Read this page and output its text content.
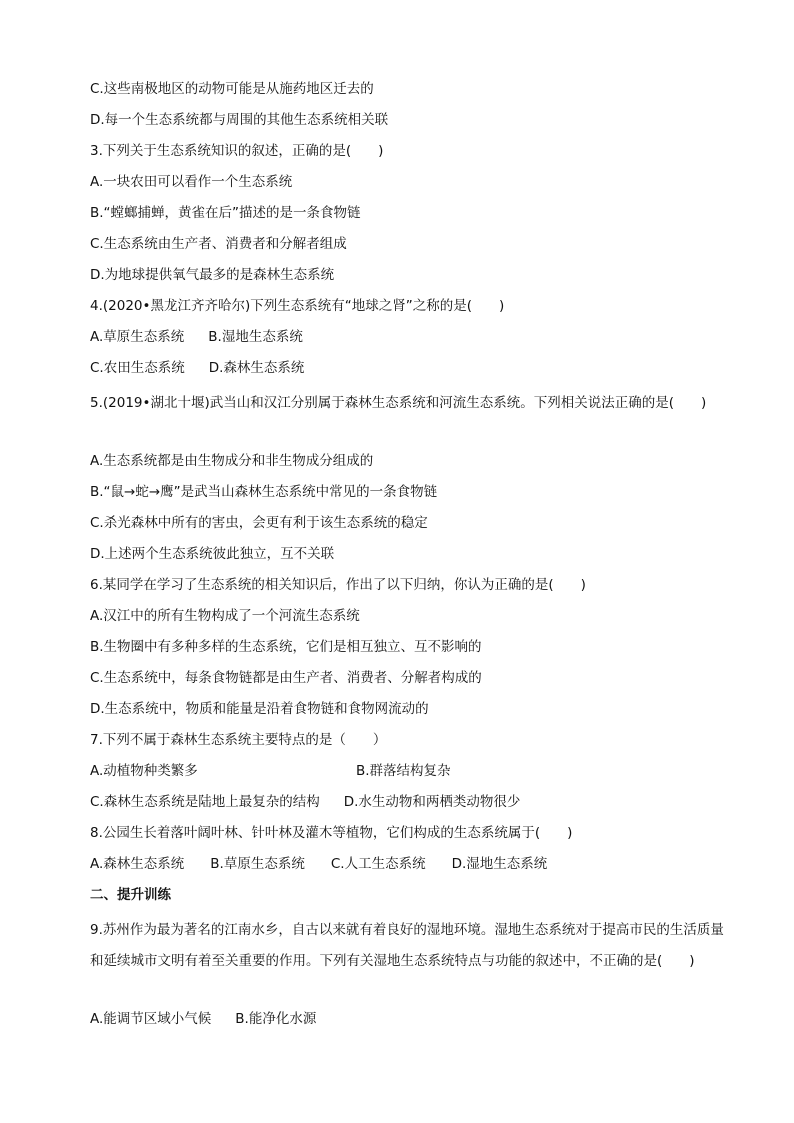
C.这些南极地区的动物可能是从施药地区迁去的
D.每一个生态系统都与周围的其他生态系统相关联
3.下列关于生态系统知识的叙述，正确的是(　　)
A.一块农田可以看作一个生态系统
B.“螳螂捕蝉，黄雀在后”描述的是一条食物链
C.生态系统由生产者、消费者和分解者组成
D.为地球提供氧气最多的是森林生态系统
4.(2020•黑龙江齐齐哈尔)下列生态系统有“地球之肾”之称的是(　　)
A.草原生态系统 B.湿地生态系统
C.农田生态系统 D.森林生态系统
5.(2019•湖北十堰)武当山和汉江分别属于森林生态系统和河流生态系统。下列相关说法正确的是(　　)
A.生态系统都是由生物成分和非生物成分组成的
B.“鼠→蛇→鹰”是武当山森林生态系统中常见的一条食物链
C.杀光森林中所有的害虫，会更有利于该生态系统的稳定
D.上述两个生态系统彼此独立，互不关联
6.某同学在学习了生态系统的相关知识后，作出了以下归纳，你认为正确的是(　　)
A.汉江中的所有生物构成了一个河流生态系统
B.生物圈中有多种多样的生态系统，它们是相互独立、互不影响的
C.生态系统中，每条食物链都是由生产者、消费者、分解者构成的
D.生态系统中，物质和能量是沿着食物链和食物网流动的
7.下列不属于森林生态系统主要特点的是（　　）
A.动植物种类繁多	B.群落结构复杂
C.森林生态系统是陆地上最复杂的结构 D.水生动物和两栖类动物很少
8.公园生长着落叶阔叶林、针叶林及灌木等植物，它们构成的生态系统属于(　　)
A.森林生态系统 B.草原生态系统 C.人工生态系统 D.湿地生态系统
二、提升训练
9.苏州作为最为著名的江南水乡，自古以来就有着良好的湿地环境。湿地生态系统对于提高市民的生活质量和延续城市文明有着至关重要的作用。下列有关湿地生态系统特点与功能的叙述中，不正确的是(　　)
A.能调节区域小气候 B.能净化水源
